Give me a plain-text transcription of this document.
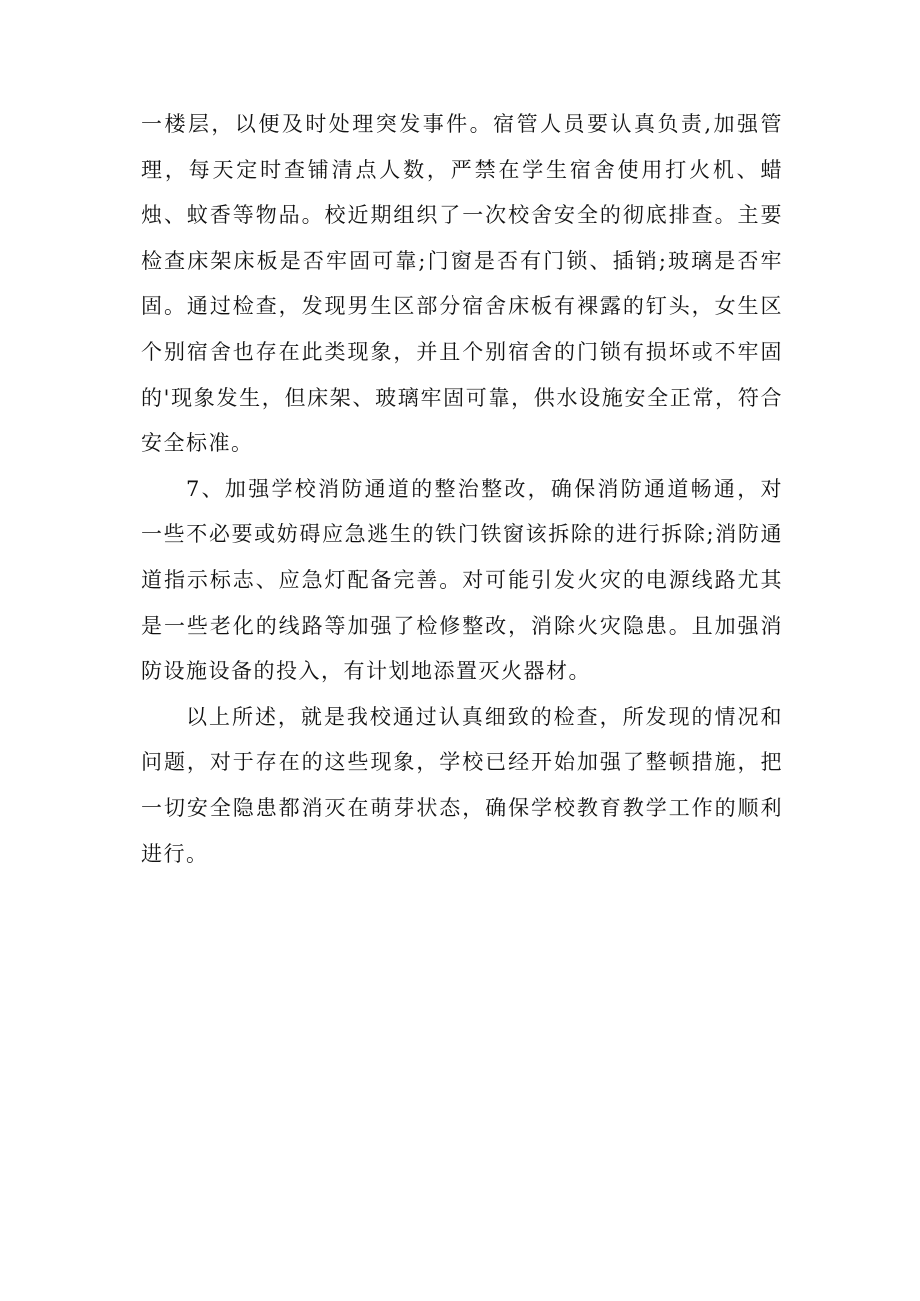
一楼层，以便及时处理突发事件。宿管人员要认真负责,加强管理，每天定时查铺清点人数，严禁在学生宿舍使用打火机、蜡烛、蚊香等物品。校近期组织了一次校舍安全的彻底排查。主要检查床架床板是否牢固可靠;门窗是否有门锁、插销;玻璃是否牢固。通过检查，发现男生区部分宿舍床板有裸露的钉头，女生区个别宿舍也存在此类现象，并且个别宿舍的门锁有损坏或不牢固的'现象发生，但床架、玻璃牢固可靠，供水设施安全正常，符合安全标准。

7、加强学校消防通道的整治整改，确保消防通道畅通，对一些不必要或妨碍应急逃生的铁门铁窗该拆除的进行拆除;消防通道指示标志、应急灯配备完善。对可能引发火灾的电源线路尤其是一些老化的线路等加强了检修整改，消除火灾隐患。且加强消防设施设备的投入，有计划地添置灭火器材。

以上所述，就是我校通过认真细致的检查，所发现的情况和问题，对于存在的这些现象，学校已经开始加强了整顿措施，把一切安全隐患都消灭在萌芽状态，确保学校教育教学工作的顺利进行。
